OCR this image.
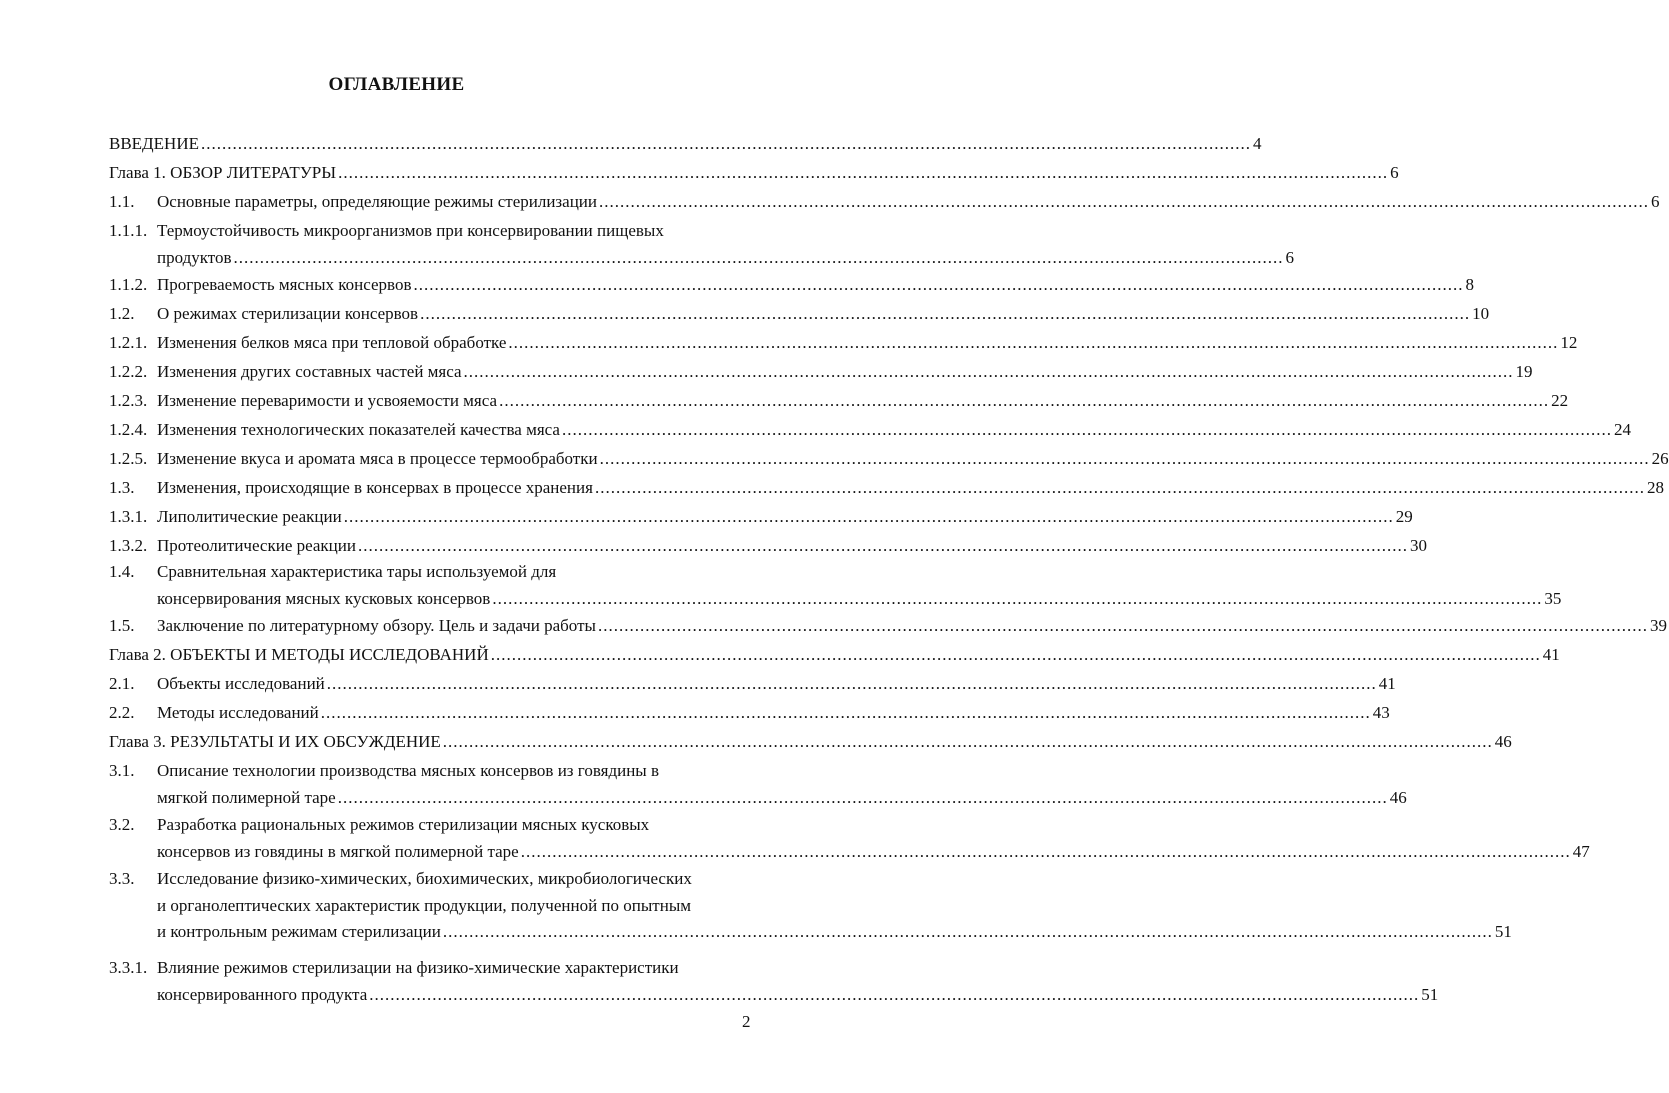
ОГЛАВЛЕНИЕ
ВВЕДЕНИЕ ........................................................................................................................................................................................................ 4
Глава 1. ОБЗОР ЛИТЕРАТУРЫ ........................................................................................................................................................................................................ 6
1.1. Основные параметры, определяющие режимы стерилизации ........................................................................................................................................................................................................ 6
1.1.1. Термоустойчивость микроорганизмов при консервировании пищевых
продуктов ........................................................................................................................................................................................................ 6
1.1.2. Прогреваемость мясных консервов ........................................................................................................................................................................................................ 8
1.2. О режимах стерилизации консервов ........................................................................................................................................................................................................ 10
1.2.1. Изменения белков мяса при тепловой обработке ........................................................................................................................................................................................................ 12
1.2.2. Изменения других составных частей мяса ........................................................................................................................................................................................................ 19
1.2.3. Изменение переваримости и усвояемости мяса ........................................................................................................................................................................................................ 22
1.2.4. Изменения технологических показателей качества мяса ........................................................................................................................................................................................................ 24
1.2.5. Изменение вкуса и аромата мяса в процессе термообработки ........................................................................................................................................................................................................ 26
1.3. Изменения, происходящие в консервах в процессе хранения ........................................................................................................................................................................................................ 28
1.3.1. Липолитические реакции ........................................................................................................................................................................................................ 29
1.3.2. Протеолитические реакции ........................................................................................................................................................................................................ 30
1.4. Сравнительная характеристика тары используемой для
консервирования мясных кусковых консервов ........................................................................................................................................................................................................ 35
1.5. Заключение по литературному обзору. Цель и задачи работы ........................................................................................................................................................................................................ 39
Глава 2. ОБЪЕКТЫ И МЕТОДЫ ИССЛЕДОВАНИЙ ........................................................................................................................................................................................................ 41
2.1. Объекты исследований ........................................................................................................................................................................................................ 41
2.2. Методы исследований ........................................................................................................................................................................................................ 43
Глава 3. РЕЗУЛЬТАТЫ И ИХ ОБСУЖДЕНИЕ ........................................................................................................................................................................................................ 46
3.1. Описание технологии производства мясных консервов из говядины в
мягкой полимерной таре ........................................................................................................................................................................................................ 46
3.2. Разработка рациональных режимов стерилизации мясных кусковых
консервов из говядины в мягкой полимерной таре ........................................................................................................................................................................................................ 47
3.3. Исследование физико-химических, биохимических, микробиологических
и органолептических характеристик продукции, полученной по опытным
и контрольным режимам стерилизации ........................................................................................................................................................................................................ 51
3.3.1. Влияние режимов стерилизации на физико-химические характеристики
консервированного продукта ........................................................................................................................................................................................................ 51
2
